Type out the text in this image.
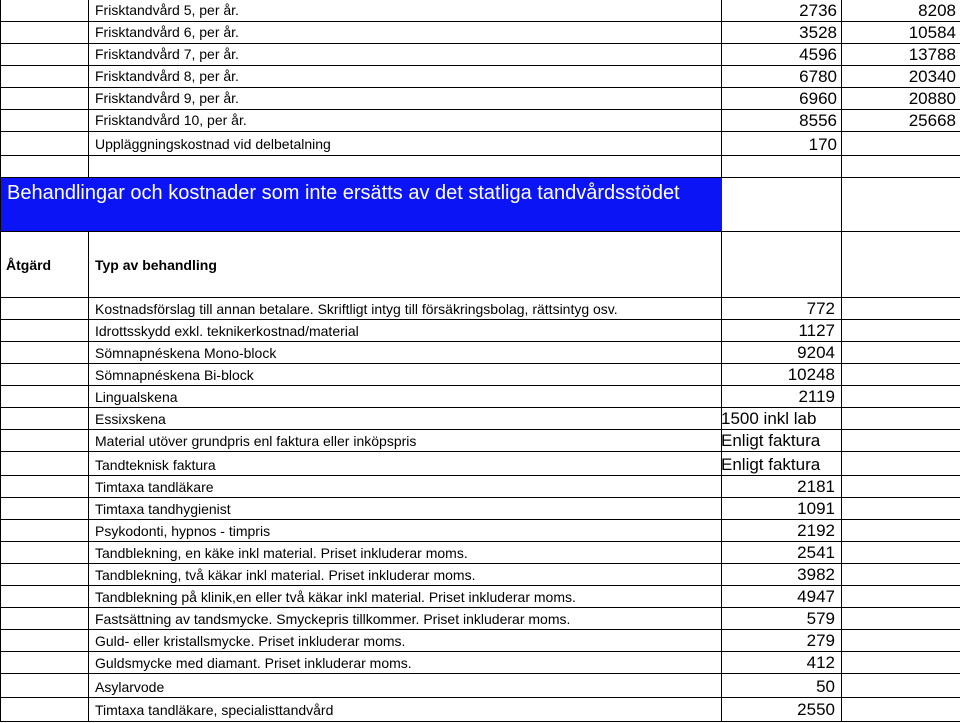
Frisktandvård 5, per år.	2736	8208
Frisktandvård 6, per år.	3528	10584
Frisktandvård 7, per år.	4596	13788
Frisktandvård 8, per år.	6780	20340
Frisktandvård 9, per år.	6960	20880
Frisktandvård 10, per år.	8556	25668
Uppläggningskostnad vid delbetalning	170
Behandlingar och kostnader som inte ersätts av det statliga tandvårdsstödet
Åtgärd	Typ av behandling
Kostnadsförslag till annan betalare. Skriftligt intyg till försäkringsbolag, rättsintyg osv.	772
Idrottsskydd exkl. teknikerkostnad/material	1127
Sömnapnéskena Mono-block	9204
Sömnapnéskena Bi-block	10248
Lingualskena	2119
Essixskena	1500 inkl lab
Material utöver grundpris enl faktura eller inköpspris	Enligt faktura
Tandteknisk faktura	Enligt faktura
Timtaxa tandläkare	2181
Timtaxa tandhygienist	1091
Psykodonti, hypnos - timpris	2192
Tandblekning, en käke inkl material. Priset inkluderar moms.	2541
Tandblekning, två käkar inkl material. Priset inkluderar moms.	3982
Tandblekning på klinik,en eller två käkar inkl material. Priset inkluderar moms.	4947
Fastsättning av tandsmycke. Smyckepris tillkommer. Priset inkluderar moms.	579
Guld- eller kristallsmycke. Priset inkluderar moms.	279
Guldsmycke med diamant. Priset inkluderar moms.	412
Asylarvode	50
Timtaxa tandläkare, specialisttandvård	2550
